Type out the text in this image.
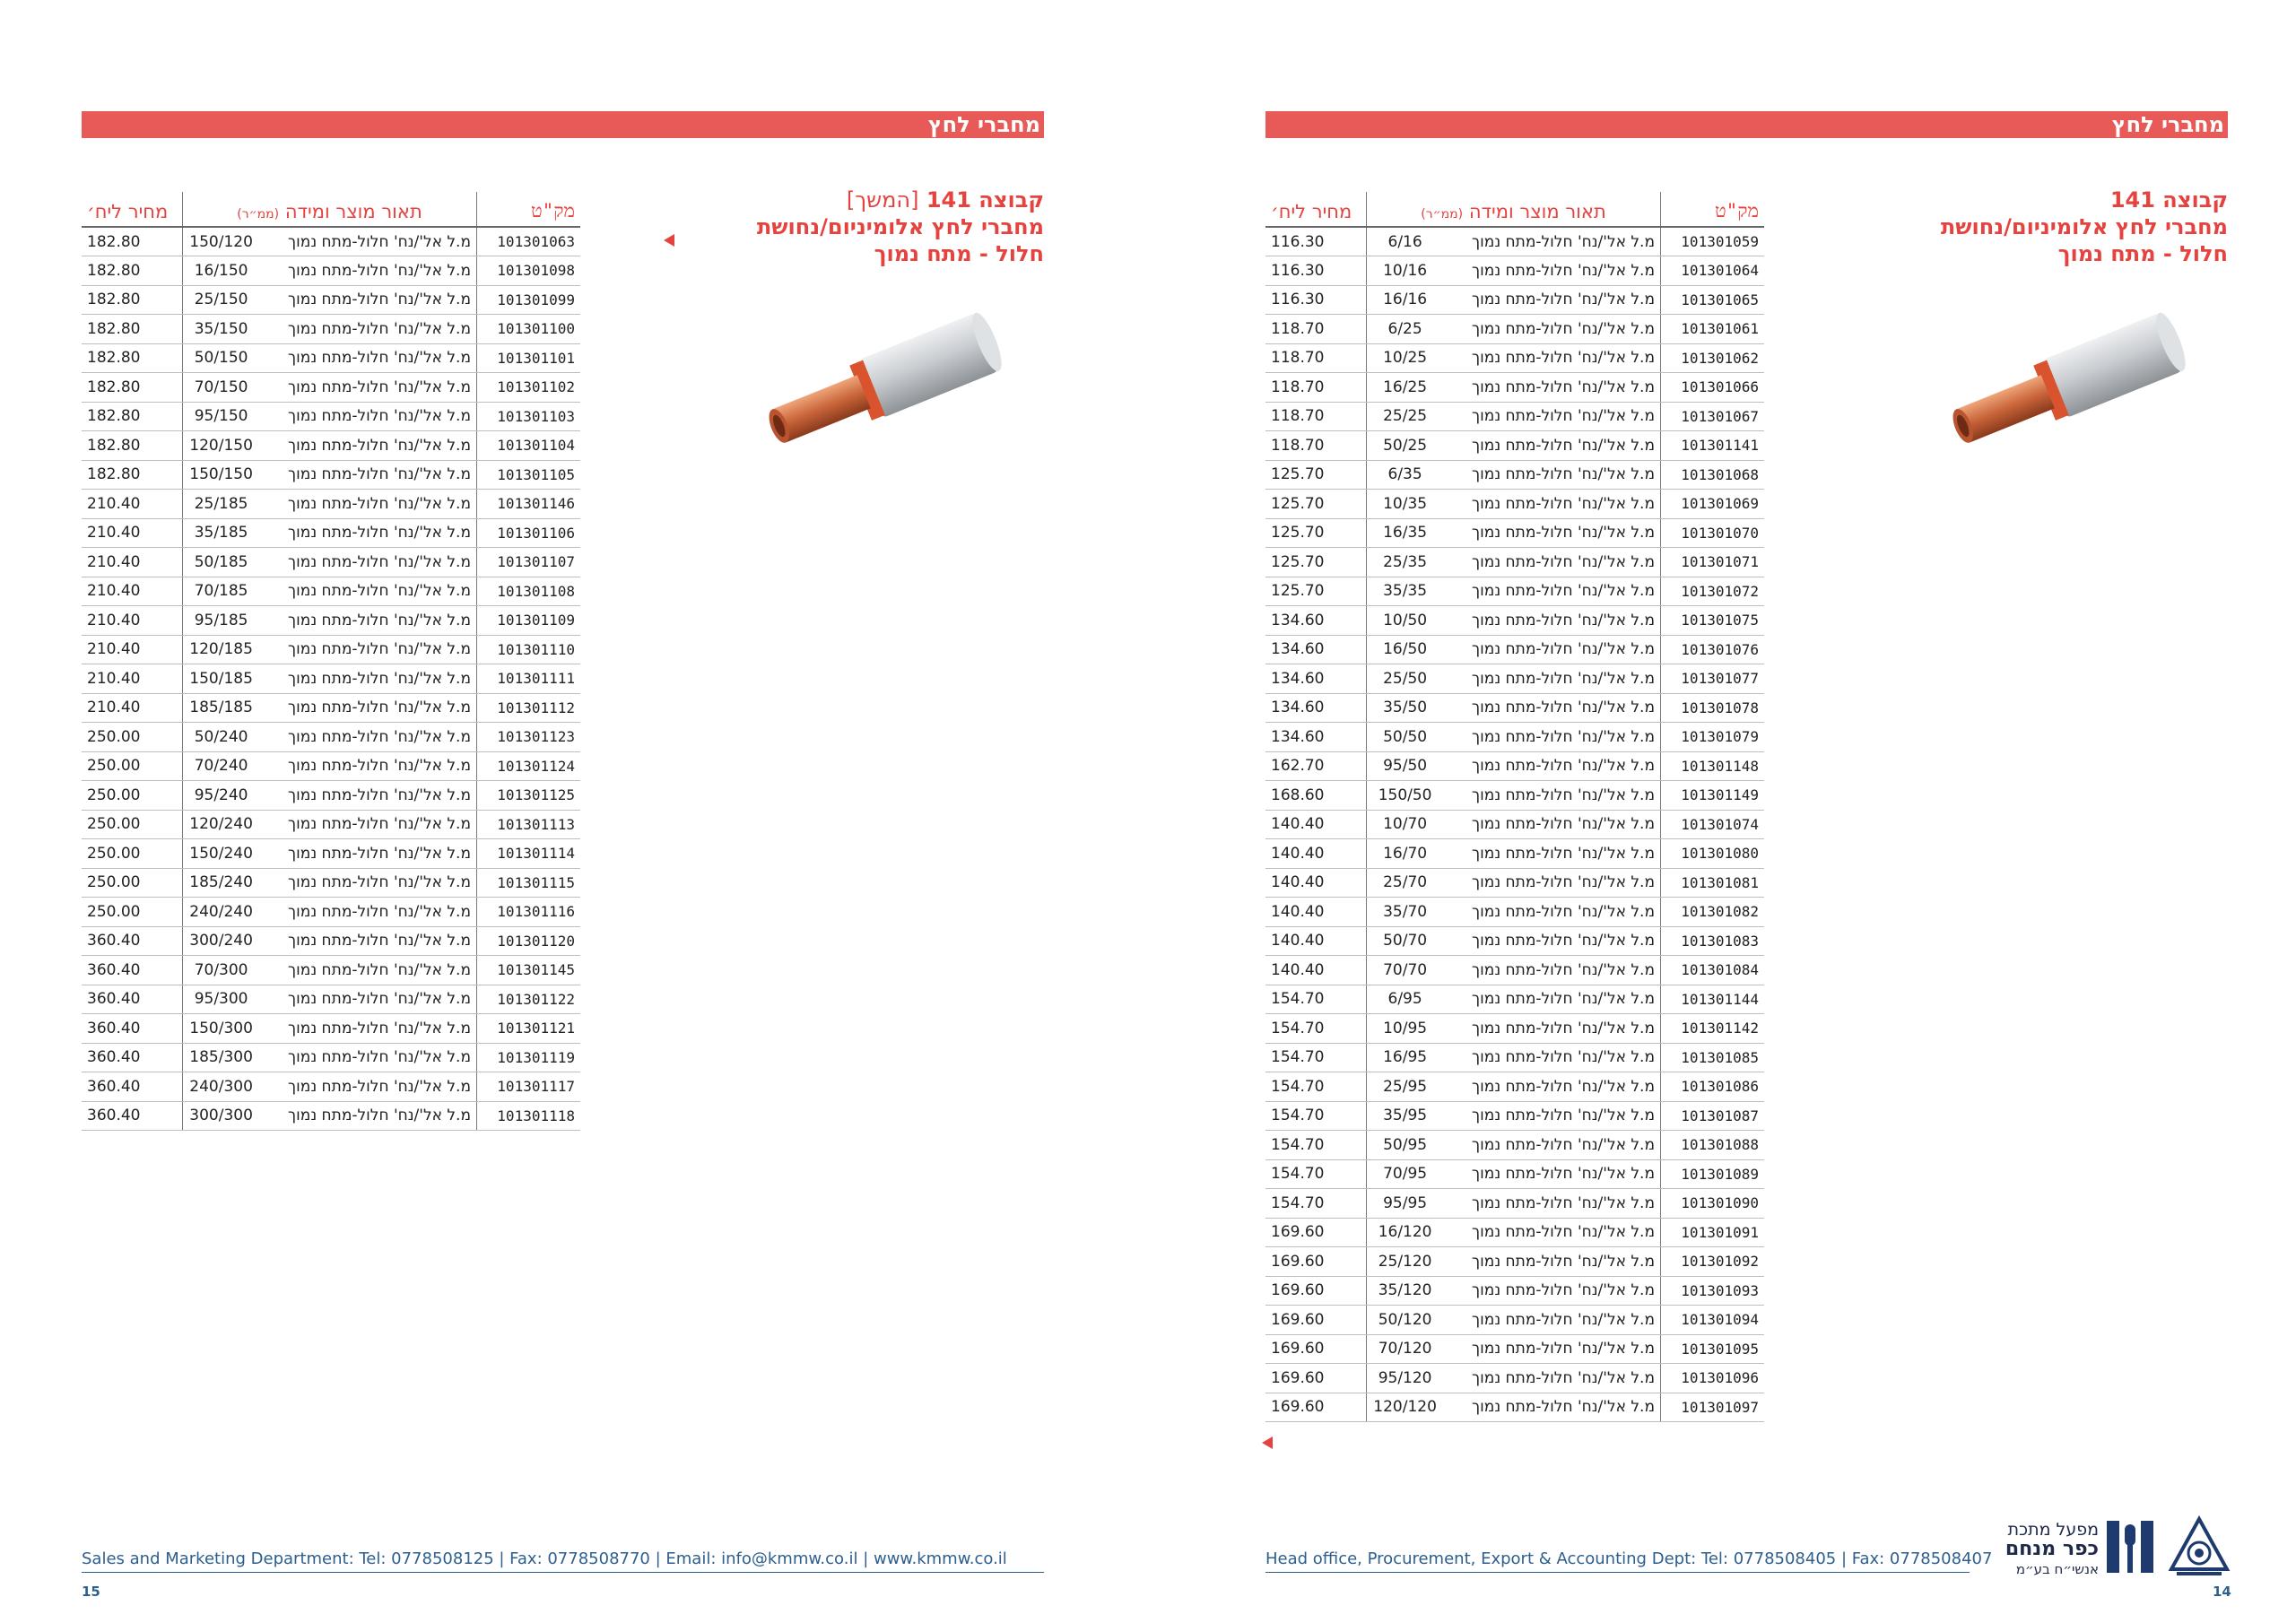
מחברי לחץ
קבוצה 141 [המשך]
מחברי לחץ אלומיניום/נחושת
חלול - מתח נמוך
מחיר ליח׳	תאור מוצר ומידה (ממ״ר)		מק"ט
182.80	150/120	מ.ל אל'/נח' חלול-מתח נמוך	101301063
182.80	16/150	מ.ל אל'/נח' חלול-מתח נמוך	101301098
182.80	25/150	מ.ל אל'/נח' חלול-מתח נמוך	101301099
182.80	35/150	מ.ל אל'/נח' חלול-מתח נמוך	101301100
182.80	50/150	מ.ל אל'/נח' חלול-מתח נמוך	101301101
182.80	70/150	מ.ל אל'/נח' חלול-מתח נמוך	101301102
182.80	95/150	מ.ל אל'/נח' חלול-מתח נמוך	101301103
182.80	120/150	מ.ל אל'/נח' חלול-מתח נמוך	101301104
182.80	150/150	מ.ל אל'/נח' חלול-מתח נמוך	101301105
210.40	25/185	מ.ל אל'/נח' חלול-מתח נמוך	101301146
210.40	35/185	מ.ל אל'/נח' חלול-מתח נמוך	101301106
210.40	50/185	מ.ל אל'/נח' חלול-מתח נמוך	101301107
210.40	70/185	מ.ל אל'/נח' חלול-מתח נמוך	101301108
210.40	95/185	מ.ל אל'/נח' חלול-מתח נמוך	101301109
210.40	120/185	מ.ל אל'/נח' חלול-מתח נמוך	101301110
210.40	150/185	מ.ל אל'/נח' חלול-מתח נמוך	101301111
210.40	185/185	מ.ל אל'/נח' חלול-מתח נמוך	101301112
250.00	50/240	מ.ל אל'/נח' חלול-מתח נמוך	101301123
250.00	70/240	מ.ל אל'/נח' חלול-מתח נמוך	101301124
250.00	95/240	מ.ל אל'/נח' חלול-מתח נמוך	101301125
250.00	120/240	מ.ל אל'/נח' חלול-מתח נמוך	101301113
250.00	150/240	מ.ל אל'/נח' חלול-מתח נמוך	101301114
250.00	185/240	מ.ל אל'/נח' חלול-מתח נמוך	101301115
250.00	240/240	מ.ל אל'/נח' חלול-מתח נמוך	101301116
360.40	300/240	מ.ל אל'/נח' חלול-מתח נמוך	101301120
360.40	70/300	מ.ל אל'/נח' חלול-מתח נמוך	101301145
360.40	95/300	מ.ל אל'/נח' חלול-מתח נמוך	101301122
360.40	150/300	מ.ל אל'/נח' חלול-מתח נמוך	101301121
360.40	185/300	מ.ל אל'/נח' חלול-מתח נמוך	101301119
360.40	240/300	מ.ל אל'/נח' חלול-מתח נמוך	101301117
360.40	300/300	מ.ל אל'/נח' חלול-מתח נמוך	101301118
Sales and Marketing Department: Tel: 0778508125 | Fax: 0778508770 | Email: info@kmmw.co.il | www.kmmw.co.il
15
מחברי לחץ
קבוצה 141
מחברי לחץ אלומיניום/נחושת
חלול - מתח נמוך
מחיר ליח׳	תאור מוצר ומידה (ממ״ר)		מק"ט
116.30	6/16	מ.ל אל'/נח' חלול-מתח נמוך	101301059
116.30	10/16	מ.ל אל'/נח' חלול-מתח נמוך	101301064
116.30	16/16	מ.ל אל'/נח' חלול-מתח נמוך	101301065
118.70	6/25	מ.ל אל'/נח' חלול-מתח נמוך	101301061
118.70	10/25	מ.ל אל'/נח' חלול-מתח נמוך	101301062
118.70	16/25	מ.ל אל'/נח' חלול-מתח נמוך	101301066
118.70	25/25	מ.ל אל'/נח' חלול-מתח נמוך	101301067
118.70	50/25	מ.ל אל'/נח' חלול-מתח נמוך	101301141
125.70	6/35	מ.ל אל'/נח' חלול-מתח נמוך	101301068
125.70	10/35	מ.ל אל'/נח' חלול-מתח נמוך	101301069
125.70	16/35	מ.ל אל'/נח' חלול-מתח נמוך	101301070
125.70	25/35	מ.ל אל'/נח' חלול-מתח נמוך	101301071
125.70	35/35	מ.ל אל'/נח' חלול-מתח נמוך	101301072
134.60	10/50	מ.ל אל'/נח' חלול-מתח נמוך	101301075
134.60	16/50	מ.ל אל'/נח' חלול-מתח נמוך	101301076
134.60	25/50	מ.ל אל'/נח' חלול-מתח נמוך	101301077
134.60	35/50	מ.ל אל'/נח' חלול-מתח נמוך	101301078
134.60	50/50	מ.ל אל'/נח' חלול-מתח נמוך	101301079
162.70	95/50	מ.ל אל'/נח' חלול-מתח נמוך	101301148
168.60	150/50	מ.ל אל'/נח' חלול-מתח נמוך	101301149
140.40	10/70	מ.ל אל'/נח' חלול-מתח נמוך	101301074
140.40	16/70	מ.ל אל'/נח' חלול-מתח נמוך	101301080
140.40	25/70	מ.ל אל'/נח' חלול-מתח נמוך	101301081
140.40	35/70	מ.ל אל'/נח' חלול-מתח נמוך	101301082
140.40	50/70	מ.ל אל'/נח' חלול-מתח נמוך	101301083
140.40	70/70	מ.ל אל'/נח' חלול-מתח נמוך	101301084
154.70	6/95	מ.ל אל'/נח' חלול-מתח נמוך	101301144
154.70	10/95	מ.ל אל'/נח' חלול-מתח נמוך	101301142
154.70	16/95	מ.ל אל'/נח' חלול-מתח נמוך	101301085
154.70	25/95	מ.ל אל'/נח' חלול-מתח נמוך	101301086
154.70	35/95	מ.ל אל'/נח' חלול-מתח נמוך	101301087
154.70	50/95	מ.ל אל'/נח' חלול-מתח נמוך	101301088
154.70	70/95	מ.ל אל'/נח' חלול-מתח נמוך	101301089
154.70	95/95	מ.ל אל'/נח' חלול-מתח נמוך	101301090
169.60	16/120	מ.ל אל'/נח' חלול-מתח נמוך	101301091
169.60	25/120	מ.ל אל'/נח' חלול-מתח נמוך	101301092
169.60	35/120	מ.ל אל'/נח' חלול-מתח נמוך	101301093
169.60	50/120	מ.ל אל'/נח' חלול-מתח נמוך	101301094
169.60	70/120	מ.ל אל'/נח' חלול-מתח נמוך	101301095
169.60	95/120	מ.ל אל'/נח' חלול-מתח נמוך	101301096
169.60	120/120	מ.ל אל'/נח' חלול-מתח נמוך	101301097
Head office, Procurement, Export & Accounting Dept: Tel: 0778508405 | Fax: 0778508407
14
מפעל מתכת
כפר מנחם
אנשי״ח בע״מ
